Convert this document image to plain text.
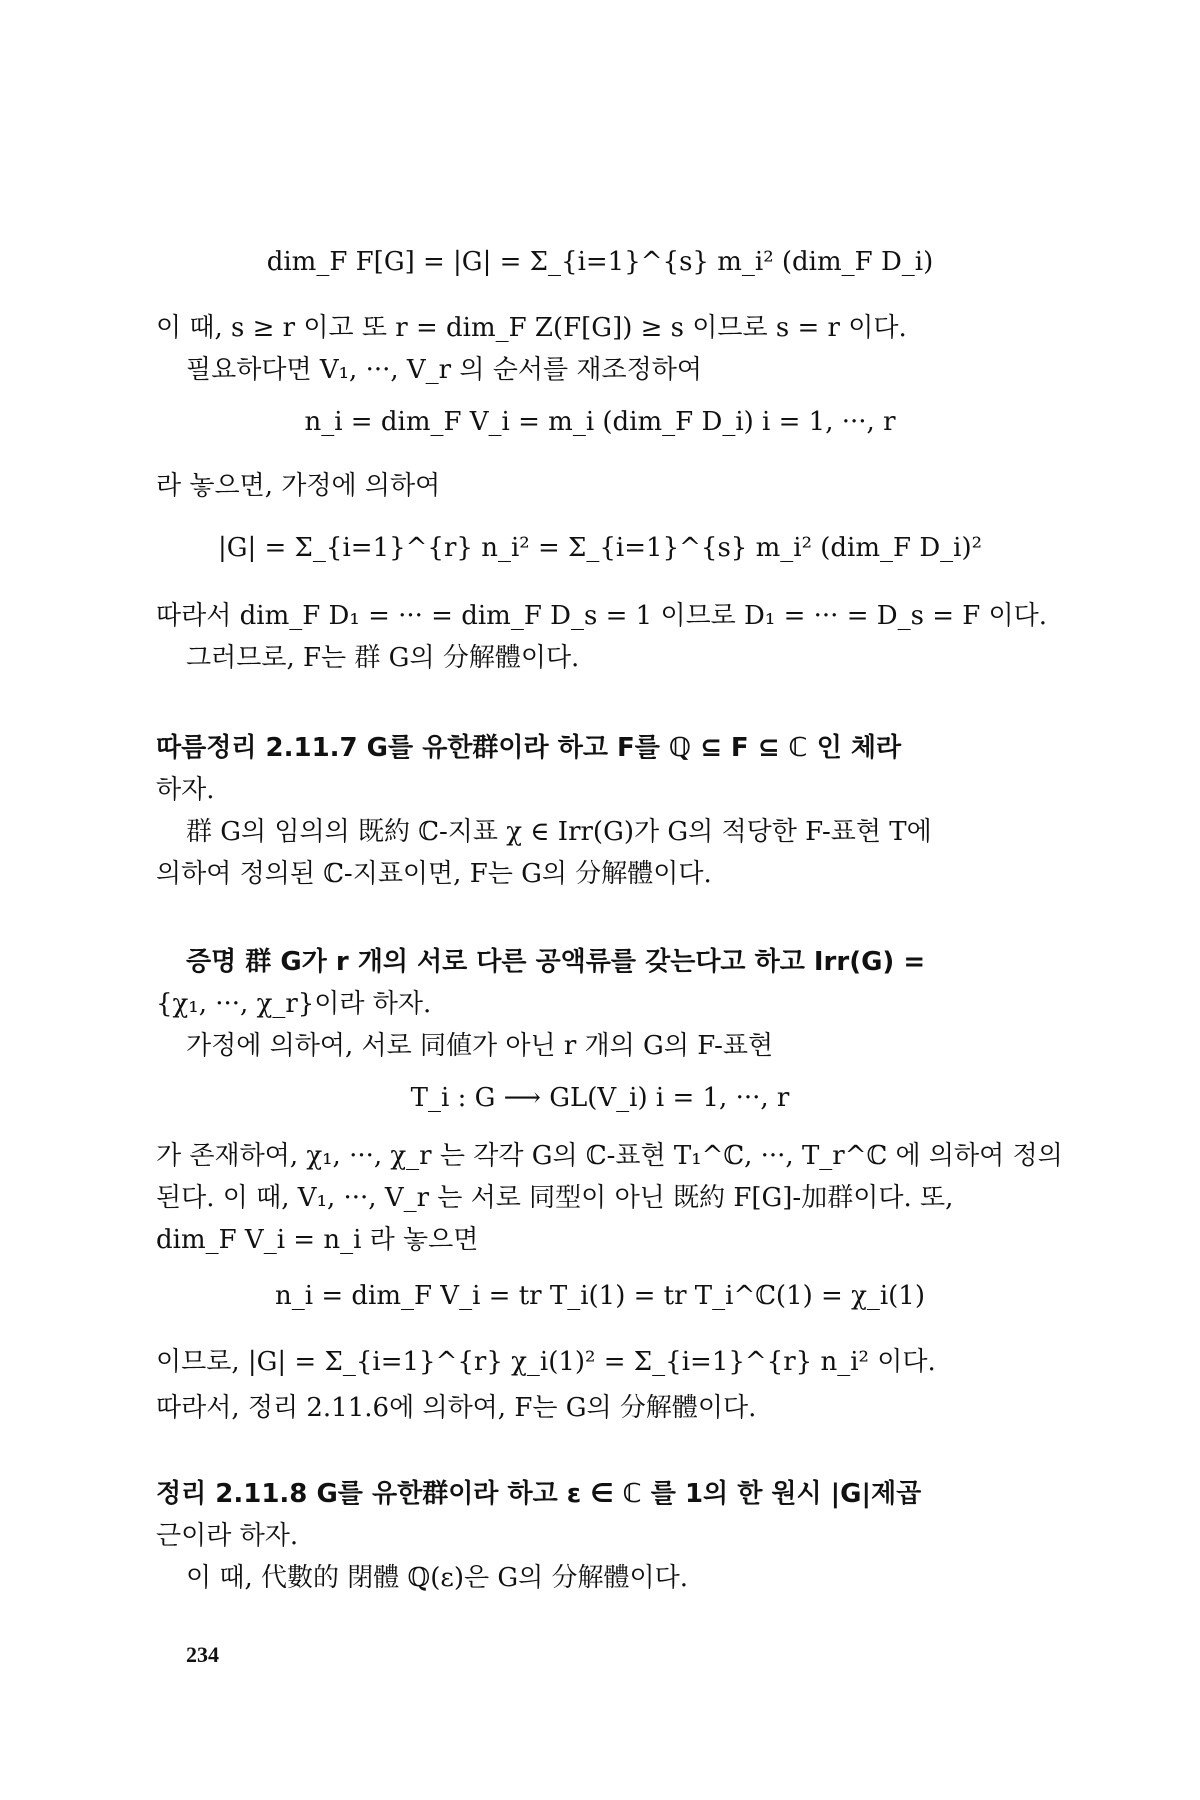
dim_F F[G] = |G| = Σ_{i=1}^{s} m_i² (dim_F D_i)
이 때, s ≥ r 이고 또 r = dim_F Z(F[G]) ≥ s 이므로 s = r 이다.
필요하다면 V₁, ···, V_r 의 순서를 재조정하여
n_i = dim_F V_i = m_i (dim_F D_i) i = 1, ···, r
라 놓으면, 가정에 의하여
|G| = Σ_{i=1}^{r} n_i² = Σ_{i=1}^{s} m_i² (dim_F D_i)²
따라서 dim_F D₁ = ··· = dim_F D_s = 1 이므로 D₁ = ··· = D_s = F 이다.
그러므로, F는 群 G의 分解體이다.
따름정리 2.11.7 G를 유한群이라 하고 F를 ℚ ⊆ F ⊆ ℂ 인 체라
하자.
群 G의 임의의 既約 ℂ-지표 χ ∈ Irr(G)가 G의 적당한 F-표현 T에
의하여 정의된 ℂ-지표이면, F는 G의 分解體이다.
증명 群 G가 r 개의 서로 다른 공액류를 갖는다고 하고 Irr(G) =
{χ₁, ···, χ_r}이라 하자.
가정에 의하여, 서로 同値가 아닌 r 개의 G의 F-표현
T_i : G ⟶ GL(V_i) i = 1, ···, r
가 존재하여, χ₁, ···, χ_r 는 각각 G의 ℂ-표현 T₁^ℂ, ···, T_r^ℂ 에 의하여 정의
된다. 이 때, V₁, ···, V_r 는 서로 同型이 아닌 既約 F[G]-加群이다. 또,
dim_F V_i = n_i 라 놓으면
n_i = dim_F V_i = tr T_i(1) = tr T_i^ℂ(1) = χ_i(1)
이므로, |G| = Σ_{i=1}^{r} χ_i(1)² = Σ_{i=1}^{r} n_i² 이다.
따라서, 정리 2.11.6에 의하여, F는 G의 分解體이다.
정리 2.11.8 G를 유한群이라 하고 ε ∈ ℂ 를 1의 한 원시 |G|제곱
근이라 하자.
이 때, 代數的 閉體 ℚ(ε)은 G의 分解體이다.
234
